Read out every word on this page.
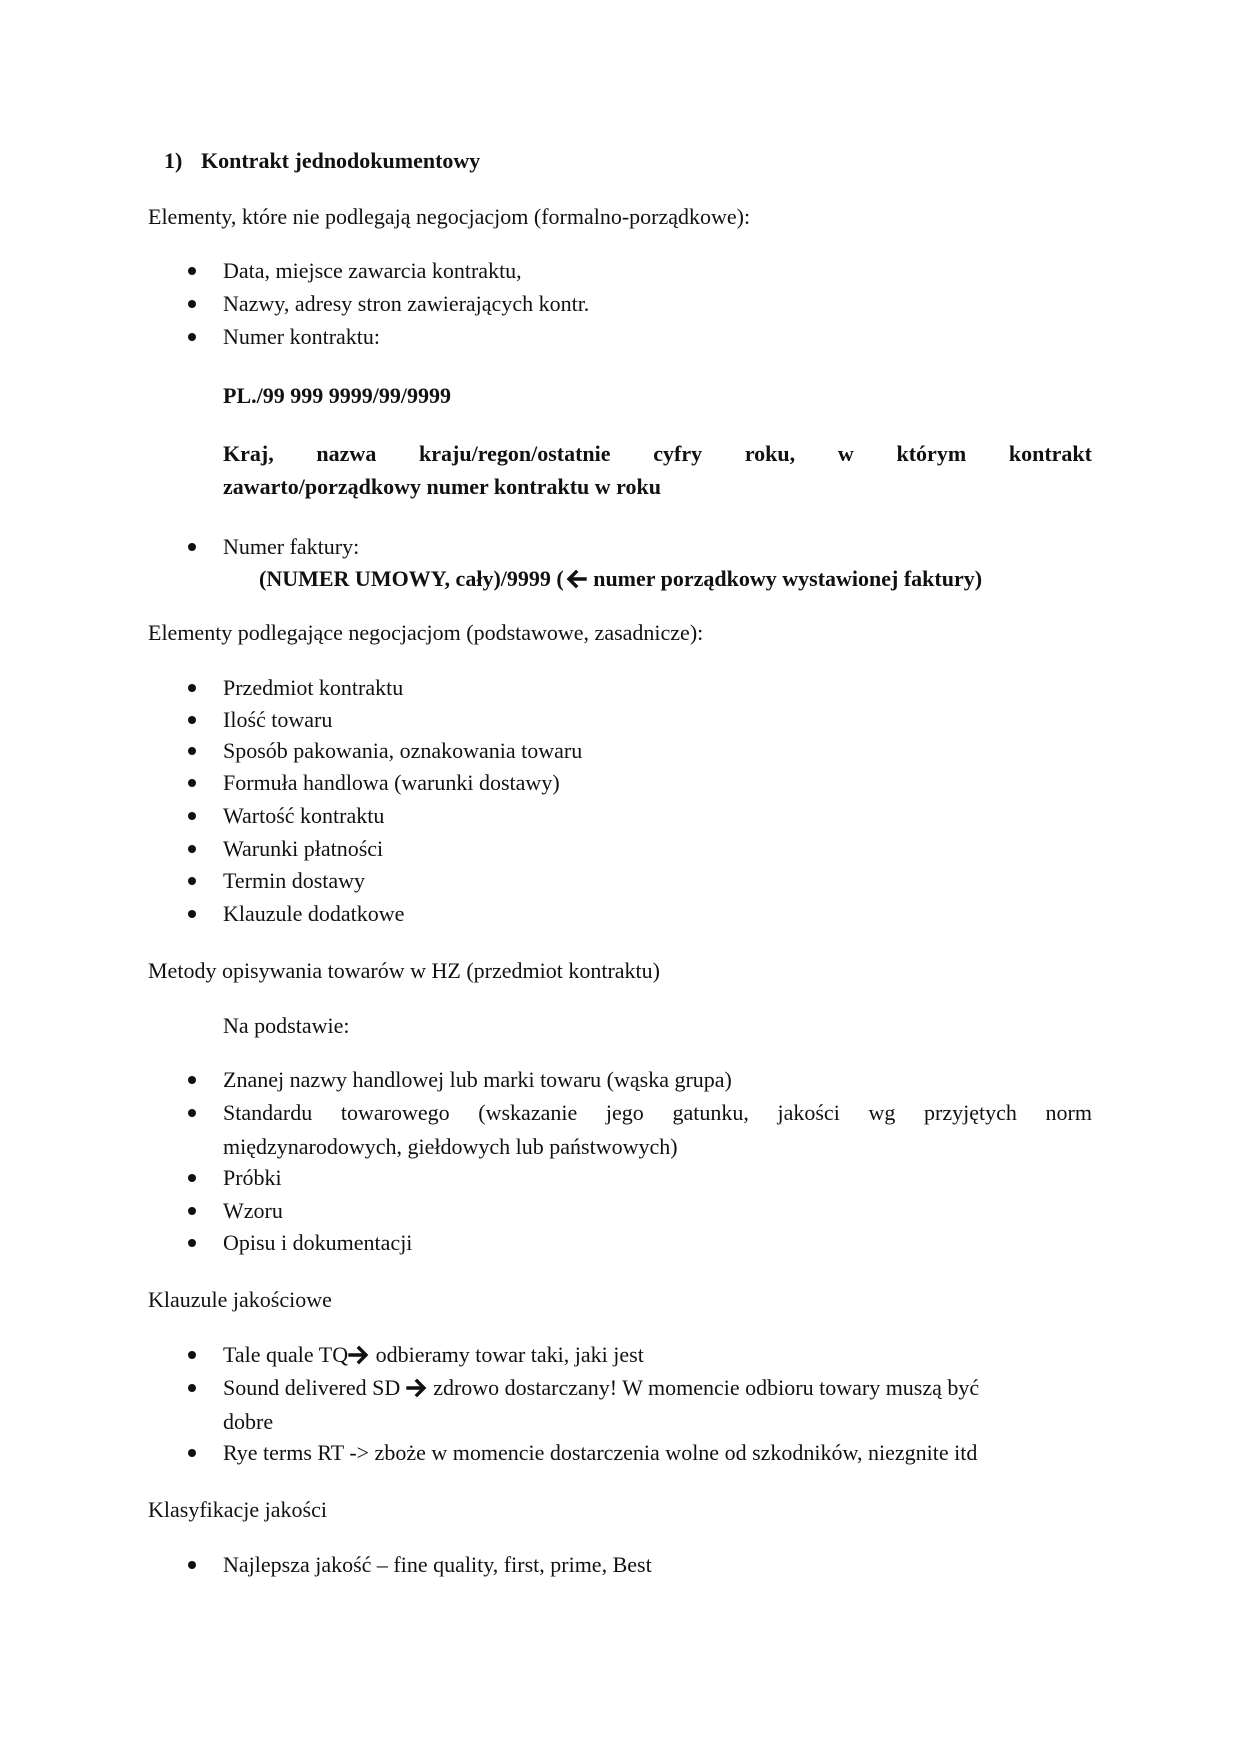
1) Kontrakt jednodokumentowy
Elementy, które nie podlegają negocjacjom (formalno-porządkowe):
Data, miejsce zawarcia kontraktu,
Nazwy, adresy stron zawierających kontr.
Numer kontraktu:
PL./99 999 9999/99/9999
Kraj, nazwa kraju/regon/ostatnie cyfry roku, w którym kontrakt
zawarto/porządkowy numer kontraktu w roku
Numer faktury:
(NUMER UMOWY, cały)/9999 ( numer porządkowy wystawionej faktury)
Elementy podlegające negocjacjom (podstawowe, zasadnicze):
Przedmiot kontraktu
Ilość towaru
Sposób pakowania, oznakowania towaru
Formuła handlowa (warunki dostawy)
Wartość kontraktu
Warunki płatności
Termin dostawy
Klauzule dodatkowe
Metody opisywania towarów w HZ (przedmiot kontraktu)
Na podstawie:
Znanej nazwy handlowej lub marki towaru (wąska grupa)
Standardu towarowego (wskazanie jego gatunku, jakości wg przyjętych norm
międzynarodowych, giełdowych lub państwowych)
Próbki
Wzoru
Opisu i dokumentacji
Klauzule jakościowe
Tale quale TQ odbieramy towar taki, jaki jest
Sound delivered SD  zdrowo dostarczany! W momencie odbioru towary muszą być
dobre
Rye terms RT -> zboże w momencie dostarczenia wolne od szkodników, niezgnite itd
Klasyfikacje jakości
Najlepsza jakość – fine quality, first, prime, Best
